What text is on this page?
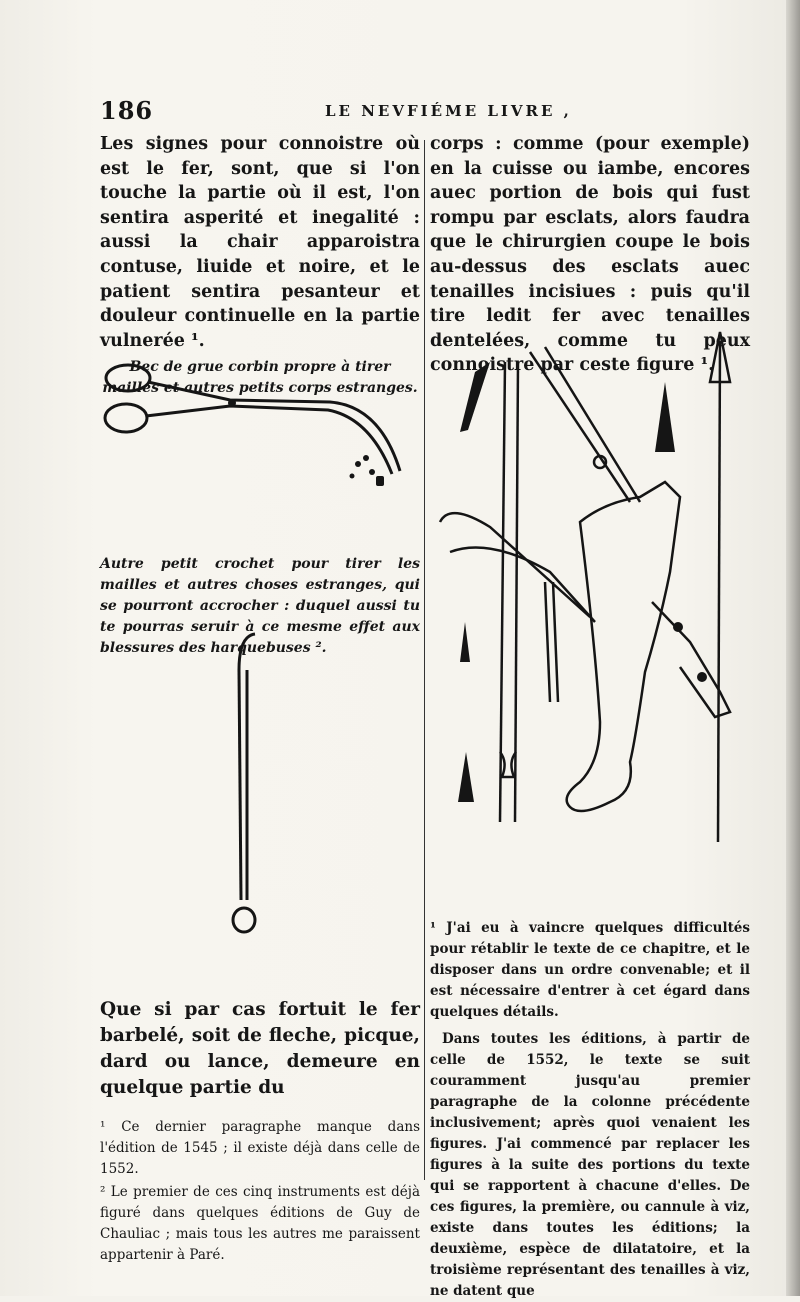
186	LE NEVFIÉME LIVRE ,

Les signes pour connoistre où est le fer, sont, que si l'on touche la partie où il est, l'on sentira asperité et inegalité : aussi la chair apparoistra contuse, liuide et noire, et le patient sentira pesanteur et douleur continuelle en la partie vulnerée ¹.

Bec de grue corbin propre à tirer mailles et autres petits corps estranges.

Autre petit crochet pour tirer les mailles et autres choses estranges, qui se pourront accrocher : duquel aussi tu te pourras seruir à ce mesme effet aux blessures des harquebuses ².

Que si par cas fortuit le fer barbelé, soit de fleche, picque, dard ou lance, demeure en quelque partie du

¹ Ce dernier paragraphe manque dans l'édition de 1545 ; il existe déjà dans celle de 1552.

² Le premier de ces cinq instruments est déjà figuré dans quelques éditions de Guy de Chauliac ; mais tous les autres me paraissent appartenir à Paré.

corps : comme (pour exemple) en la cuisse ou iambe, encores auec portion de bois qui fust rompu par esclats, alors faudra que le chirurgien coupe le bois au-dessus des esclats auec tenailles incisiues : puis qu'il tire ledit fer avec tenailles dentelées, comme tu peux connoistre par ceste figure ¹.

¹ J'ai eu à vaincre quelques difficultés pour rétablir le texte de ce chapitre, et le disposer dans un ordre convenable; et il est nécessaire d'entrer à cet égard dans quelques détails.

Dans toutes les éditions, à partir de celle de 1552, le texte se suit couramment jusqu'au premier paragraphe de la colonne précédente inclusivement; après quoi venaient les figures. J'ai commencé par replacer les figures à la suite des portions du texte qui se rapportent à chacune d'elles. De ces figures, la première, ou cannule à viz, existe dans toutes les éditions; la deuxième, espèce de dilatatoire, et la troisième représentant des tenailles à viz, ne datent que
